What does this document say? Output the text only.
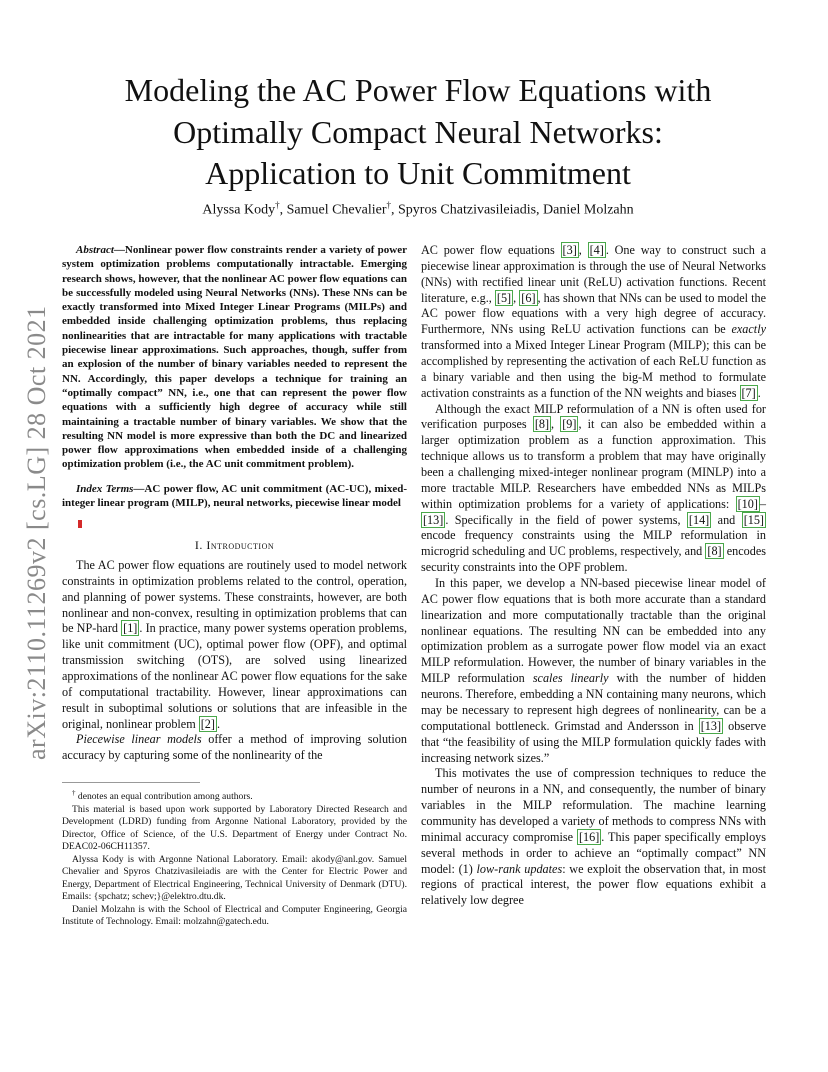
arXiv:2110.11269v2 [cs.LG] 28 Oct 2021
Modeling the AC Power Flow Equations with
Optimally Compact Neural Networks:
Application to Unit Commitment
Alyssa Kody†, Samuel Chevalier†, Spyros Chatzivasileiadis, Daniel Molzahn

Abstract—Nonlinear power flow constraints render a variety of power system optimization problems computationally intractable. Emerging research shows, however, that the nonlinear AC power flow equations can be successfully modeled using Neural Networks (NNs). These NNs can be exactly transformed into Mixed Integer Linear Programs (MILPs) and embedded inside challenging optimization problems, thus replacing nonlinearities that are intractable for many applications with tractable piecewise linear approximations. Such approaches, though, suffer from an explosion of the number of binary variables needed to represent the NN. Accordingly, this paper develops a technique for training an “optimally compact” NN, i.e., one that can represent the power flow equations with a sufficiently high degree of accuracy while still maintaining a tractable number of binary variables. We show that the resulting NN model is more expressive than both the DC and linearized power flow approximations when embedded inside of a challenging optimization problem (i.e., the AC unit commitment problem).

Index Terms—AC power flow, AC unit commitment (AC-UC), mixed-integer linear program (MILP), neural networks, piecewise linear model

I. Introduction

The AC power flow equations are routinely used to model network constraints in optimization problems related to the control, operation, and planning of power systems. These constraints, however, are both nonlinear and non-convex, resulting in optimization problems that can be NP-hard [1] . In practice, many power systems operation problems, like unit commitment (UC), optimal power flow (OPF), and optimal transmission switching (OTS), are solved using linearized approximations of the nonlinear AC power flow equations for the sake of computational tractability. However, linear approximations can result in suboptimal solutions or solutions that are infeasible in the original, nonlinear problem [2] .

Piecewise linear models offer a method of improving solution accuracy by capturing some of the nonlinearity of the

† denotes an equal contribution among authors.

This material is based upon work supported by Laboratory Directed Research and Development (LDRD) funding from Argonne National Laboratory, provided by the Director, Office of Science, of the U.S. Department of Energy under Contract No. DEAC02-06CH11357.

Alyssa Kody is with Argonne National Laboratory. Email: akody@anl.gov. Samuel Chevalier and Spyros Chatzivasileiadis are with the Center for Electric Power and Energy, Department of Electrical Engineering, Technical University of Denmark (DTU). Emails: {spchatz; schev;}@elektro.dtu.dk.

Daniel Molzahn is with the School of Electrical and Computer Engineering, Georgia Institute of Technology. Email: molzahn@gatech.edu.

AC power flow equations [3] , [4] . One way to construct such a piecewise linear approximation is through the use of Neural Networks (NNs) with rectified linear unit (ReLU) activation functions. Recent literature, e.g., [5] , [6] , has shown that NNs can be used to model the AC power flow equations with a very high degree of accuracy. Furthermore, NNs using ReLU activation functions can be exactly transformed into a Mixed Integer Linear Program (MILP); this can be accomplished by representing the activation of each ReLU function as a binary variable and then using the big-M method to formulate activation constraints as a function of the NN weights and biases [7] .

Although the exact MILP reformulation of a NN is often used for verification purposes [8] , [9] , it can also be embedded within a larger optimization problem as a function approximation. This technique allows us to transform a problem that may have originally been a challenging mixed-integer nonlinear program (MINLP) into a more tractable MILP. Researchers have embedded NNs as MILPs within optimization problems for a variety of applications: [10] –[13] . Specifically in the field of power systems, [14] and [15] encode frequency constraints using the MILP reformulation in microgrid scheduling and UC problems, respectively, and [8] encodes security constraints into the OPF problem.

In this paper, we develop a NN-based piecewise linear model of AC power flow equations that is both more accurate than a standard linearization and more computationally tractable than the original nonlinear equations. The resulting NN can be embedded into any optimization problem as a surrogate power flow model via an exact MILP reformulation. However, the number of binary variables in the MILP reformulation scales linearly with the number of hidden neurons. Therefore, embedding a NN containing many neurons, which may be necessary to represent high degrees of nonlinearity, can be a computational bottleneck. Grimstad and Andersson in [13] observe that “the feasibility of using the MILP formulation quickly fades with increasing network sizes.”

This motivates the use of compression techniques to reduce the number of neurons in a NN, and consequently, the number of binary variables in the MILP reformulation. The machine learning community has developed a variety of methods to compress NNs with minimal accuracy compromise [16] . This paper specifically employs several methods in order to achieve an “optimally compact” NN model: (1) low-rank updates: we exploit the observation that, in most regions of practical interest, the power flow equations exhibit a relatively low degree
